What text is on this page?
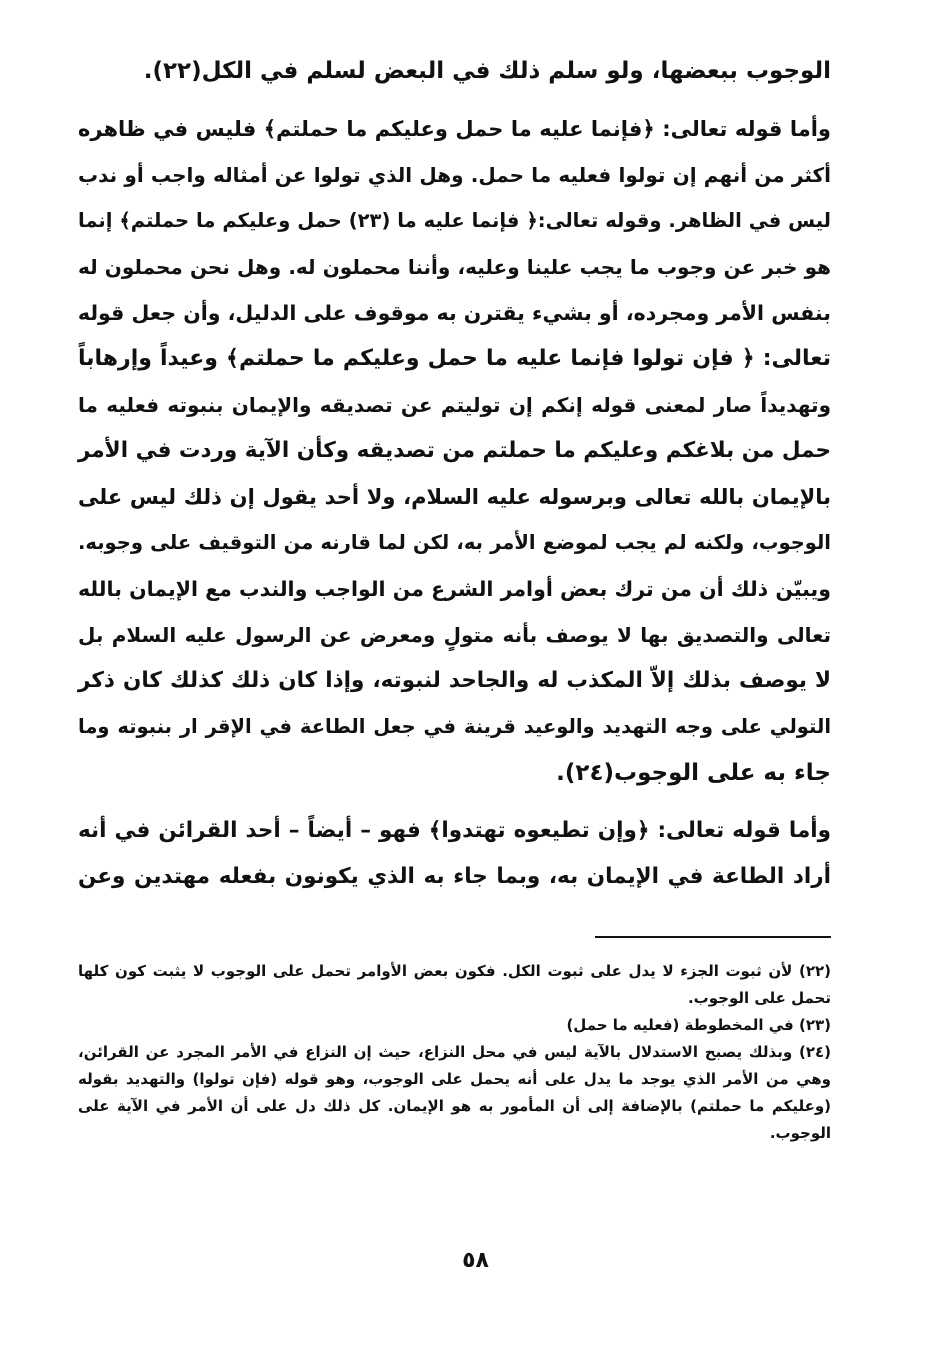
الوجوب ببعضها، ولو سلم ذلك في البعض لسلم في الكل(٢٢).
وأما قوله تعالى: ﴿فإنما عليه ما حمل وعليكم ما حملتم﴾ فليس في ظاهره
أكثر من أنهم إن تولوا فعليه ما حمل. وهل الذي تولوا عن أمثاله واجب أو ندب
ليس في الظاهر. وقوله تعالى:﴿ فإنما عليه ما (٢٣) حمل وعليكم ما حملتم﴾ إنما
هو خبر عن وجوب ما يجب علينا وعليه، وأننا محملون له. وهل نحن محملون له
بنفس الأمر ومجرده، أو بشيء يقترن به موقوف على الدليل، وأن جعل قوله
تعالى: ﴿ فإن تولوا فإنما عليه ما حمل وعليكم ما حملتم﴾ وعيداً وإرهاباً
وتهديداً صار لمعنى قوله إنكم إن توليتم عن تصديقه والإيمان بنبوته فعليه ما
حمل من بلاغكم وعليكم ما حملتم من تصديقه وكأن الآية وردت في الأمر
بالإيمان بالله تعالى وبرسوله عليه السلام، ولا أحد يقول إن ذلك ليس على
الوجوب، ولكنه لم يجب لموضع الأمر به، لكن لما قارنه من التوقيف على وجوبه.
ويبيّن ذلك أن من ترك بعض أوامر الشرع من الواجب والندب مع الإيمان بالله
تعالى والتصديق بها لا يوصف بأنه متولٍ ومعرض عن الرسول عليه السلام بل
لا يوصف بذلك إلاّ المكذب له والجاحد لنبوته، وإذا كان ذلك كذلك كان ذكر
التولي على وجه التهديد والوعيد قرينة في جعل الطاعة في الإقر ار بنبوته وما
جاء به على الوجوب(٢٤).
وأما قوله تعالى: ﴿وإن تطيعوه تهتدوا﴾ فهو – أيضاً – أحد القرائن في أنه
أراد الطاعة في الإيمان به، وبما جاء به الذي يكونون بفعله مهتدين وعن
(٢٢) لأن ثبوت الجزء لا يدل على ثبوت الكل. فكون بعض الأوامر تحمل على الوجوب لا يثبت كون كلها
تحمل على الوجوب.
(٢٣) في المخطوطة (فعليه ما حمل)
(٢٤) وبذلك يصبح الاستدلال بالآية ليس في محل النزاع، حيث إن النزاع في الأمر المجرد عن القرائن،
وهي من الأمر الذي يوجد ما يدل على أنه يحمل على الوجوب، وهو قوله (فإن تولوا) والتهديد بقوله
(وعليكم ما حملتم) بالإضافة إلى أن المأمور به هو الإيمان. كل ذلك دل على أن الأمر في الآية على
الوجوب.
٥٨
